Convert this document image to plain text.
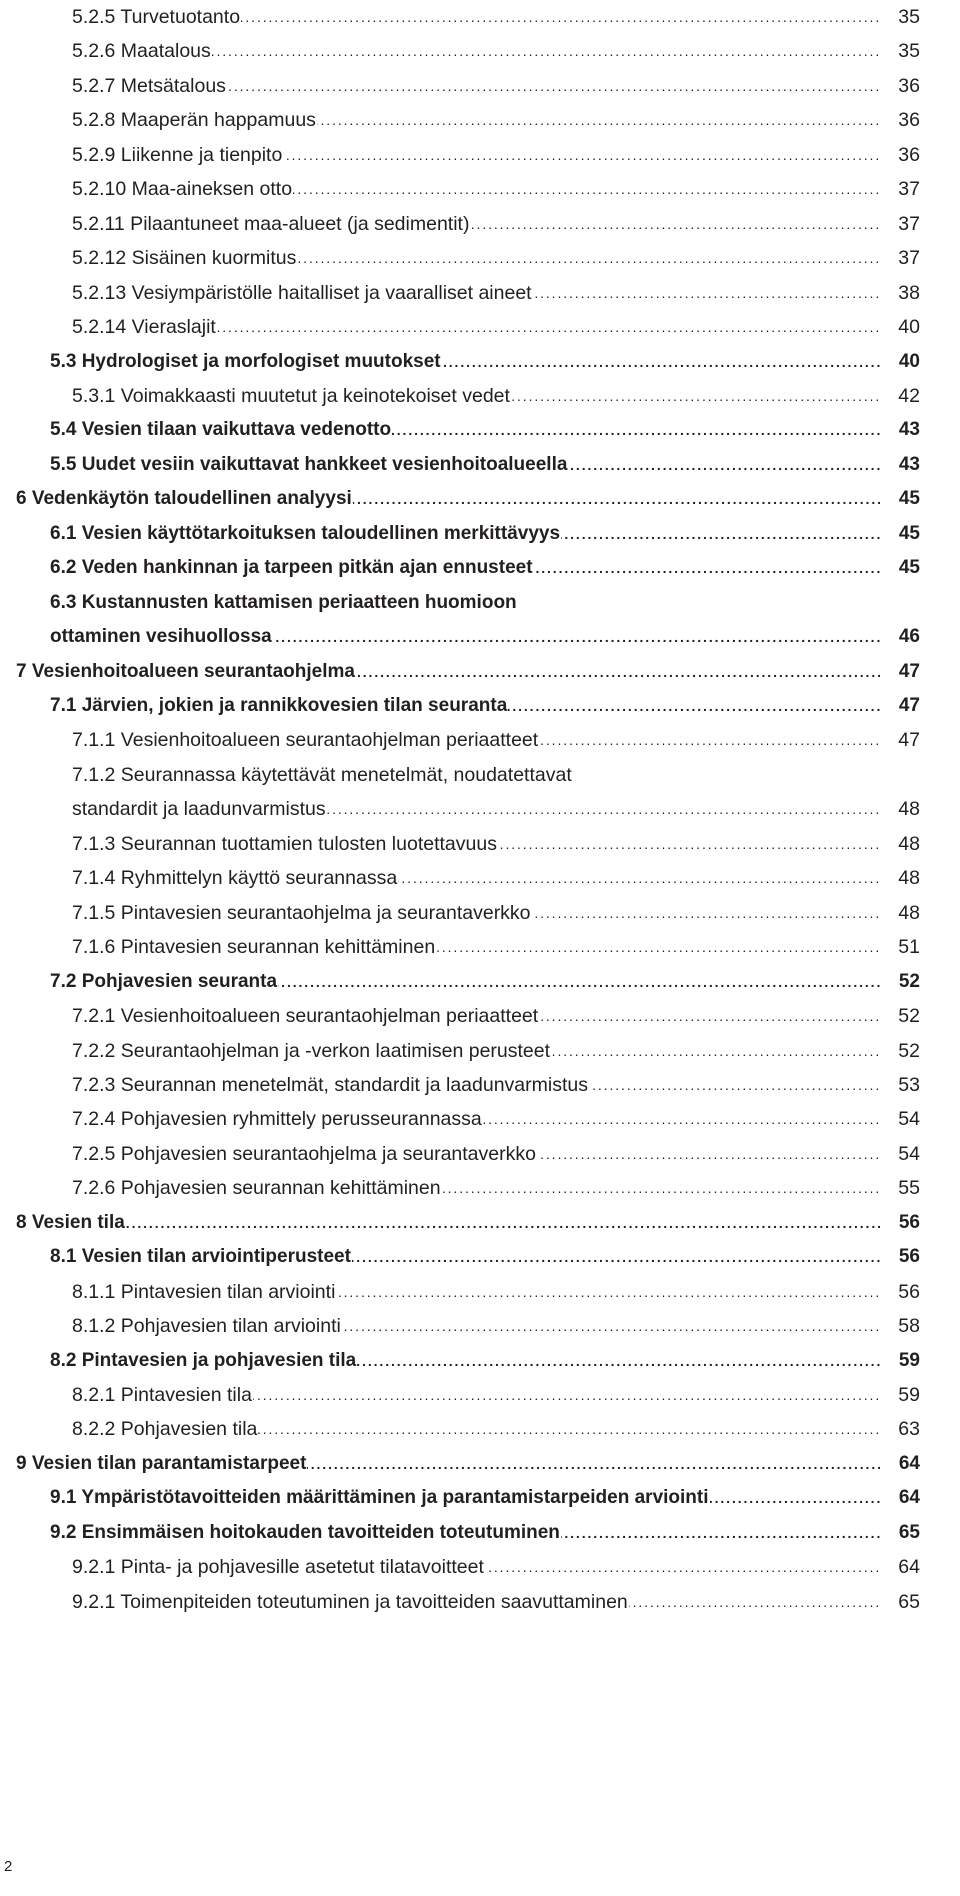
. . .
5.2.5 Turvetuotanto	35
. . .
5.2.6 Maatalous	35
. . .
5.2.7 Metsätalous	36
. . .
5.2.8 Maaperän happamuus	36
. . .
5.2.9 Liikenne ja tienpito	36
. . .
5.2.10 Maa-aineksen otto	37
. . .
5.2.11 Pilaantuneet maa-alueet (ja sedimentit)	37
. . .
5.2.12 Sisäinen kuormitus	37
. . .
5.2.13 Vesiympäristölle haitalliset ja vaaralliset aineet	38
. . .
5.2.14 Vieraslajit	40
. . .
5.3 Hydrologiset ja morfologiset muutokset	40
. . .
5.3.1 Voimakkaasti muutetut ja keinotekoiset vedet	42
. . .
5.4 Vesien tilaan vaikuttava vedenotto	43
. . .
5.5 Uudet vesiin vaikuttavat hankkeet vesienhoitoalueella	43
. . .
6 Vedenkäytön taloudellinen analyysi	45
. . .
6.1 Vesien käyttötarkoituksen taloudellinen merkittävyys	45
. . .
6.2 Veden hankinnan ja tarpeen pitkän ajan ennusteet	45
6.3 Kustannusten kattamisen periaatteen huomioon
. . .
ottaminen vesihuollossa	46
. . .
7 Vesienhoitoalueen seurantaohjelma	47
. . .
7.1 Järvien, jokien ja rannikkovesien tilan seuranta	47
. . .
7.1.1 Vesienhoitoalueen seurantaohjelman periaatteet	47
7.1.2 Seurannassa käytettävät menetelmät, noudatettavat
. . .
standardit ja laadunvarmistus	48
. . .
7.1.3 Seurannan tuottamien tulosten luotettavuus	48
. . .
7.1.4 Ryhmittelyn käyttö seurannassa	48
. . .
7.1.5 Pintavesien seurantaohjelma ja seurantaverkko	48
. . .
7.1.6 Pintavesien seurannan kehittäminen	51
. . .
7.2 Pohjavesien seuranta	52
. . .
7.2.1 Vesienhoitoalueen seurantaohjelman periaatteet	52
. . .
7.2.2 Seurantaohjelman ja -verkon laatimisen perusteet	52
. . .
7.2.3 Seurannan menetelmät, standardit ja laadunvarmistus	53
. . .
7.2.4 Pohjavesien ryhmittely perusseurannassa	54
. . .
7.2.5 Pohjavesien seurantaohjelma ja seurantaverkko	54
. . .
7.2.6 Pohjavesien seurannan kehittäminen	55
. . .
8 Vesien tila	56
. . .
8.1 Vesien tilan arviointiperusteet	56
. . .
8.1.1 Pintavesien tilan arviointi	56
. . .
8.1.2 Pohjavesien tilan arviointi	58
. . .
8.2 Pintavesien ja pohjavesien tila	59
. . .
8.2.1 Pintavesien tila	59
. . .
8.2.2 Pohjavesien tila	63
. . .
9 Vesien tilan parantamistarpeet	64
. . .
9.1 Ympäristötavoitteiden määrittäminen ja parantamistarpeiden arviointi	64
. . .
9.2 Ensimmäisen hoitokauden tavoitteiden toteutuminen	65
. . .
9.2.1 Pinta- ja pohjavesille asetetut tilatavoitteet	64
. . .
9.2.1 Toimenpiteiden toteutuminen ja tavoitteiden saavuttaminen	65
2
